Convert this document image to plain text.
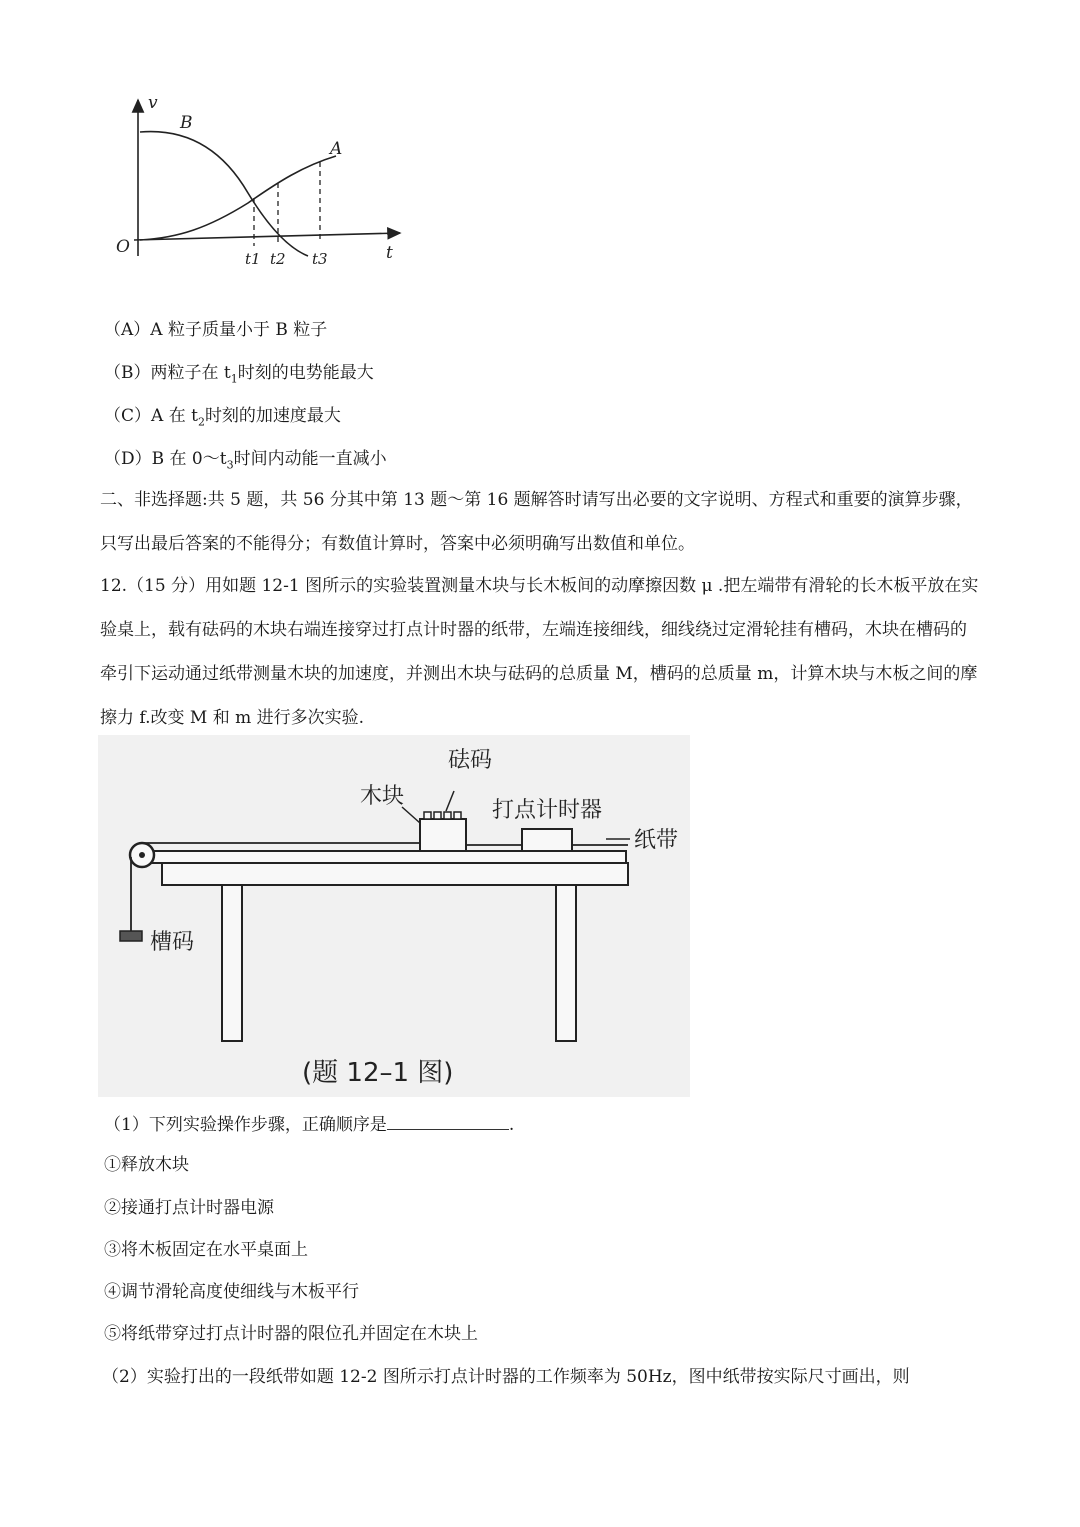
v
t
O
B
A
t1 t2 t3
（A）A 粒子质量小于 B 粒子
（B）两粒子在 $t_1$时刻的电势能最大
（C）A 在 $t_2$时刻的加速度最大
（D）B 在 $0\sim t_3$时间内动能一直减小
二、非选择题:共 5 题，共 56 分其中第 13 题～第 16 题解答时请写出必要的文字说明、方程式和重要的演算步骤，只写出最后答案的不能得分；有数值计算时，答案中必须明确写出数值和单位。
12.（15 分）用如题 12-1 图所示的实验装置测量木块与长木板间的动摩擦因数 μ .把左端带有滑轮的长木板平放在实验桌上，载有砝码的木块右端连接穿过打点计时器的纸带，左端连接细线，细线绕过定滑轮挂有槽码，木块在槽码的牵引下运动通过纸带测量木块的加速度，并测出木块与砝码的总质量 M，槽码的总质量 m，计算木块与木板之间的摩擦力 f.改变 M 和 m 进行多次实验.
砝码
木块
打点计时器
纸带
槽码
(题 12–1 图)
（1）下列实验操作步骤，正确顺序是	.
①释放木块
②接通打点计时器电源
③将木板固定在水平桌面上
④调节滑轮高度使细线与木板平行
⑤将纸带穿过打点计时器的限位孔并固定在木块上
（2）实验打出的一段纸带如题 12-2 图所示打点计时器的工作频率为 50Hz，图中纸带按实际尺寸画出，则
